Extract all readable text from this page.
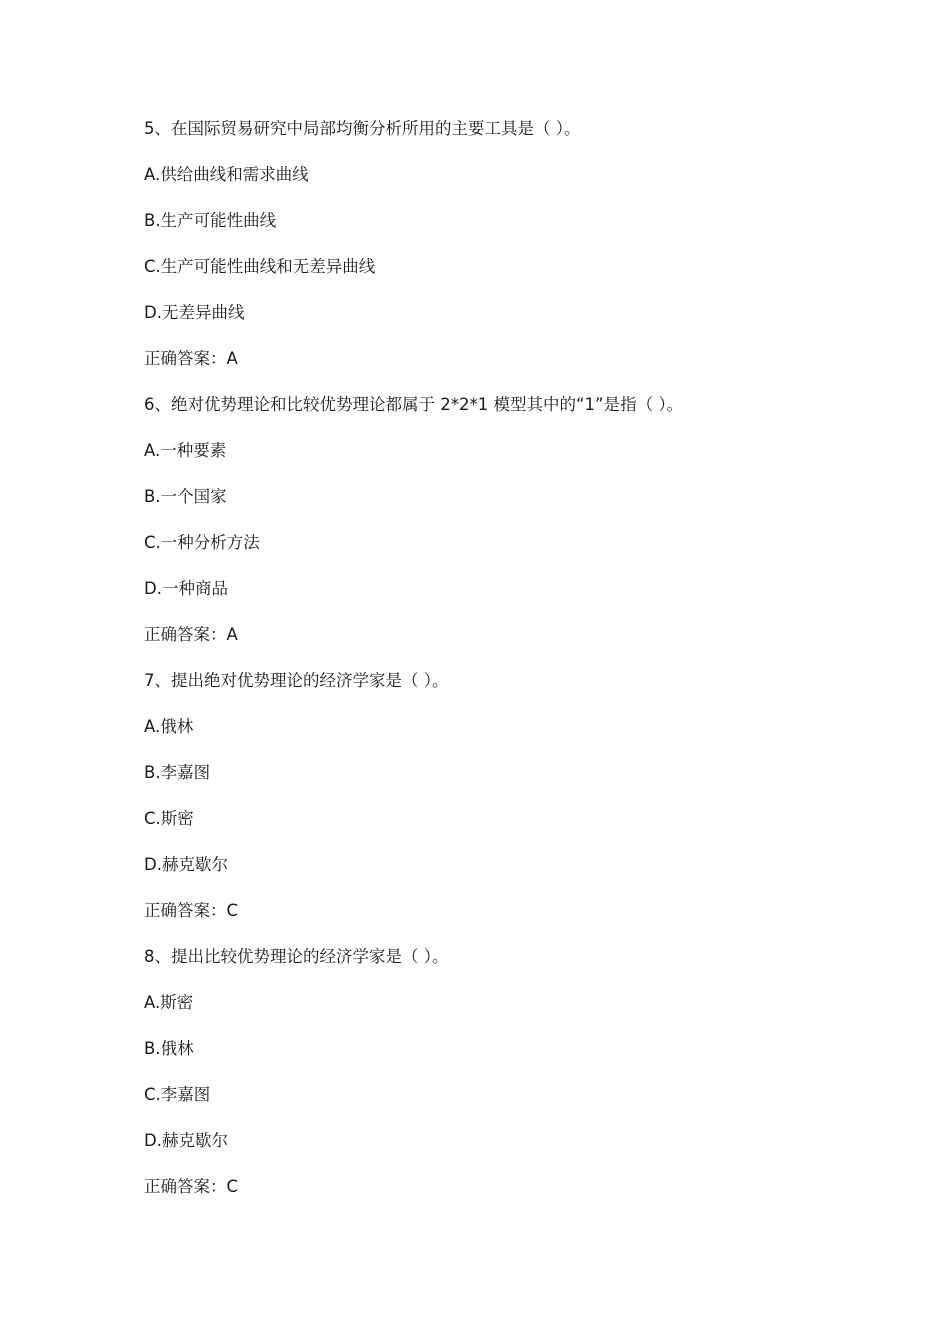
5、在国际贸易研究中局部均衡分析所用的主要工具是（ ）。
A.供给曲线和需求曲线
B.生产可能性曲线
C.生产可能性曲线和无差异曲线
D.无差异曲线
正确答案：A
6、绝对优势理论和比较优势理论都属于 2*2*1 模型其中的“1”是指（ ）。
A.一种要素
B.一个国家
C.一种分析方法
D.一种商品
正确答案：A
7、提出绝对优势理论的经济学家是（ ）。
A.俄林
B.李嘉图
C.斯密
D.赫克歇尔
正确答案：C
8、提出比较优势理论的经济学家是（ ）。
A.斯密
B.俄林
C.李嘉图
D.赫克歇尔
正确答案：C
